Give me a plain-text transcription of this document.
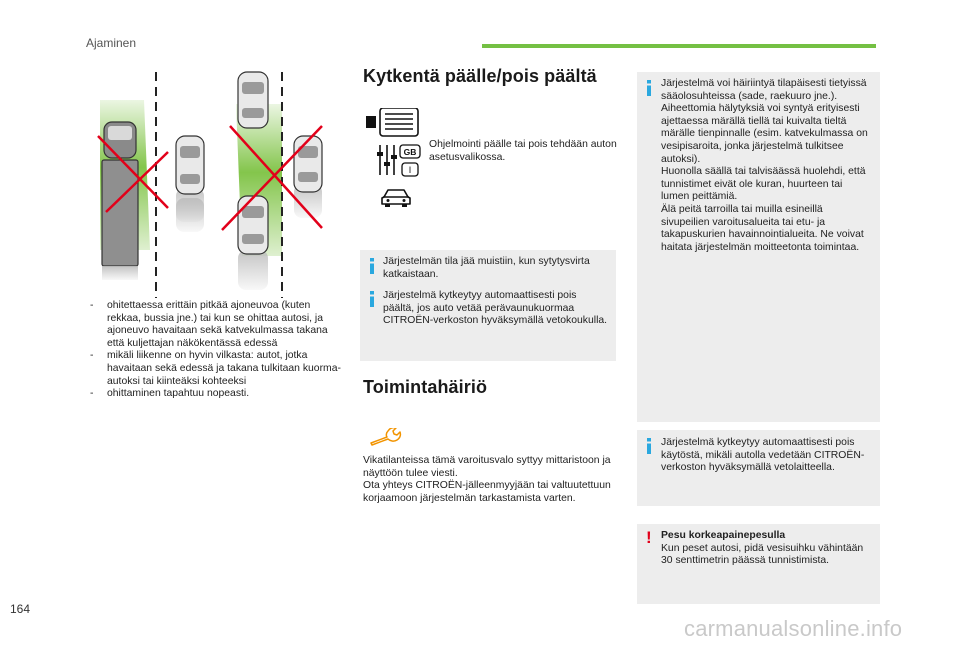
Ajaminen
- ohitettaessa erittäin pitkää ajoneuvoa (kuten rekkaa, bussia jne.) tai kun se ohittaa autosi, ja ajoneuvo havaitaan sekä katvekulmassa takana että kuljettajan näkökentässä edessä
- mikäli liikenne on hyvin vilkasta: autot, jotka havaitaan sekä edessä ja takana tulkitaan kuorma-autoksi tai kiinteäksi kohteeksi
- ohittaminen tapahtuu nopeasti.
Kytkentä päälle/pois päältä
GB
I
Ohjelmointi päälle tai pois tehdään auton asetusvalikossa.
Järjestelmän tila jää muistiin, kun sytytysvirta katkaistaan.
Järjestelmä kytkeytyy automaattisesti pois päältä, jos auto vetää perävaunukuormaa CITROËN-verkoston hyväksymällä vetokoukulla.
Toimintahäiriö
Vikatilanteissa tämä varoitusvalo syttyy mittaristoon ja näyttöön tulee viesti.
Ota yhteys CITROËN-jälleenmyyjään tai valtuutettuun korjaamoon järjestelmän tarkastamista varten.
Järjestelmä voi häiriintyä tilapäisesti tietyissä sääolosuhteissa (sade, raekuuro jne.).
Aiheettomia hälytyksiä voi syntyä erityisesti ajettaessa märällä tiellä tai kuivalta tieltä märälle tienpinnalle (esim. katvekulmassa on vesipisaroita, jonka järjestelmä tulkitsee autoksi).
Huonolla säällä tai talvisäässä huolehdi, että tunnistimet eivät ole kuran, huurteen tai lumen peittämiä.
Älä peitä tarroilla tai muilla esineillä sivupeilien varoitusalueita tai etu- ja takapuskurien havainnointialueita. Ne voivat haitata järjestelmän moitteetonta toimintaa.
Järjestelmä kytkeytyy automaattisesti pois käytöstä, mikäli autolla vedetään CITROËN-verkoston hyväksymällä vetolaitteella.
! Pesu korkeapainepesulla
Kun peset autosi, pidä vesisuihku vähintään 30 senttimetrin päässä tunnistimista.
164
carmanualsonline.info
